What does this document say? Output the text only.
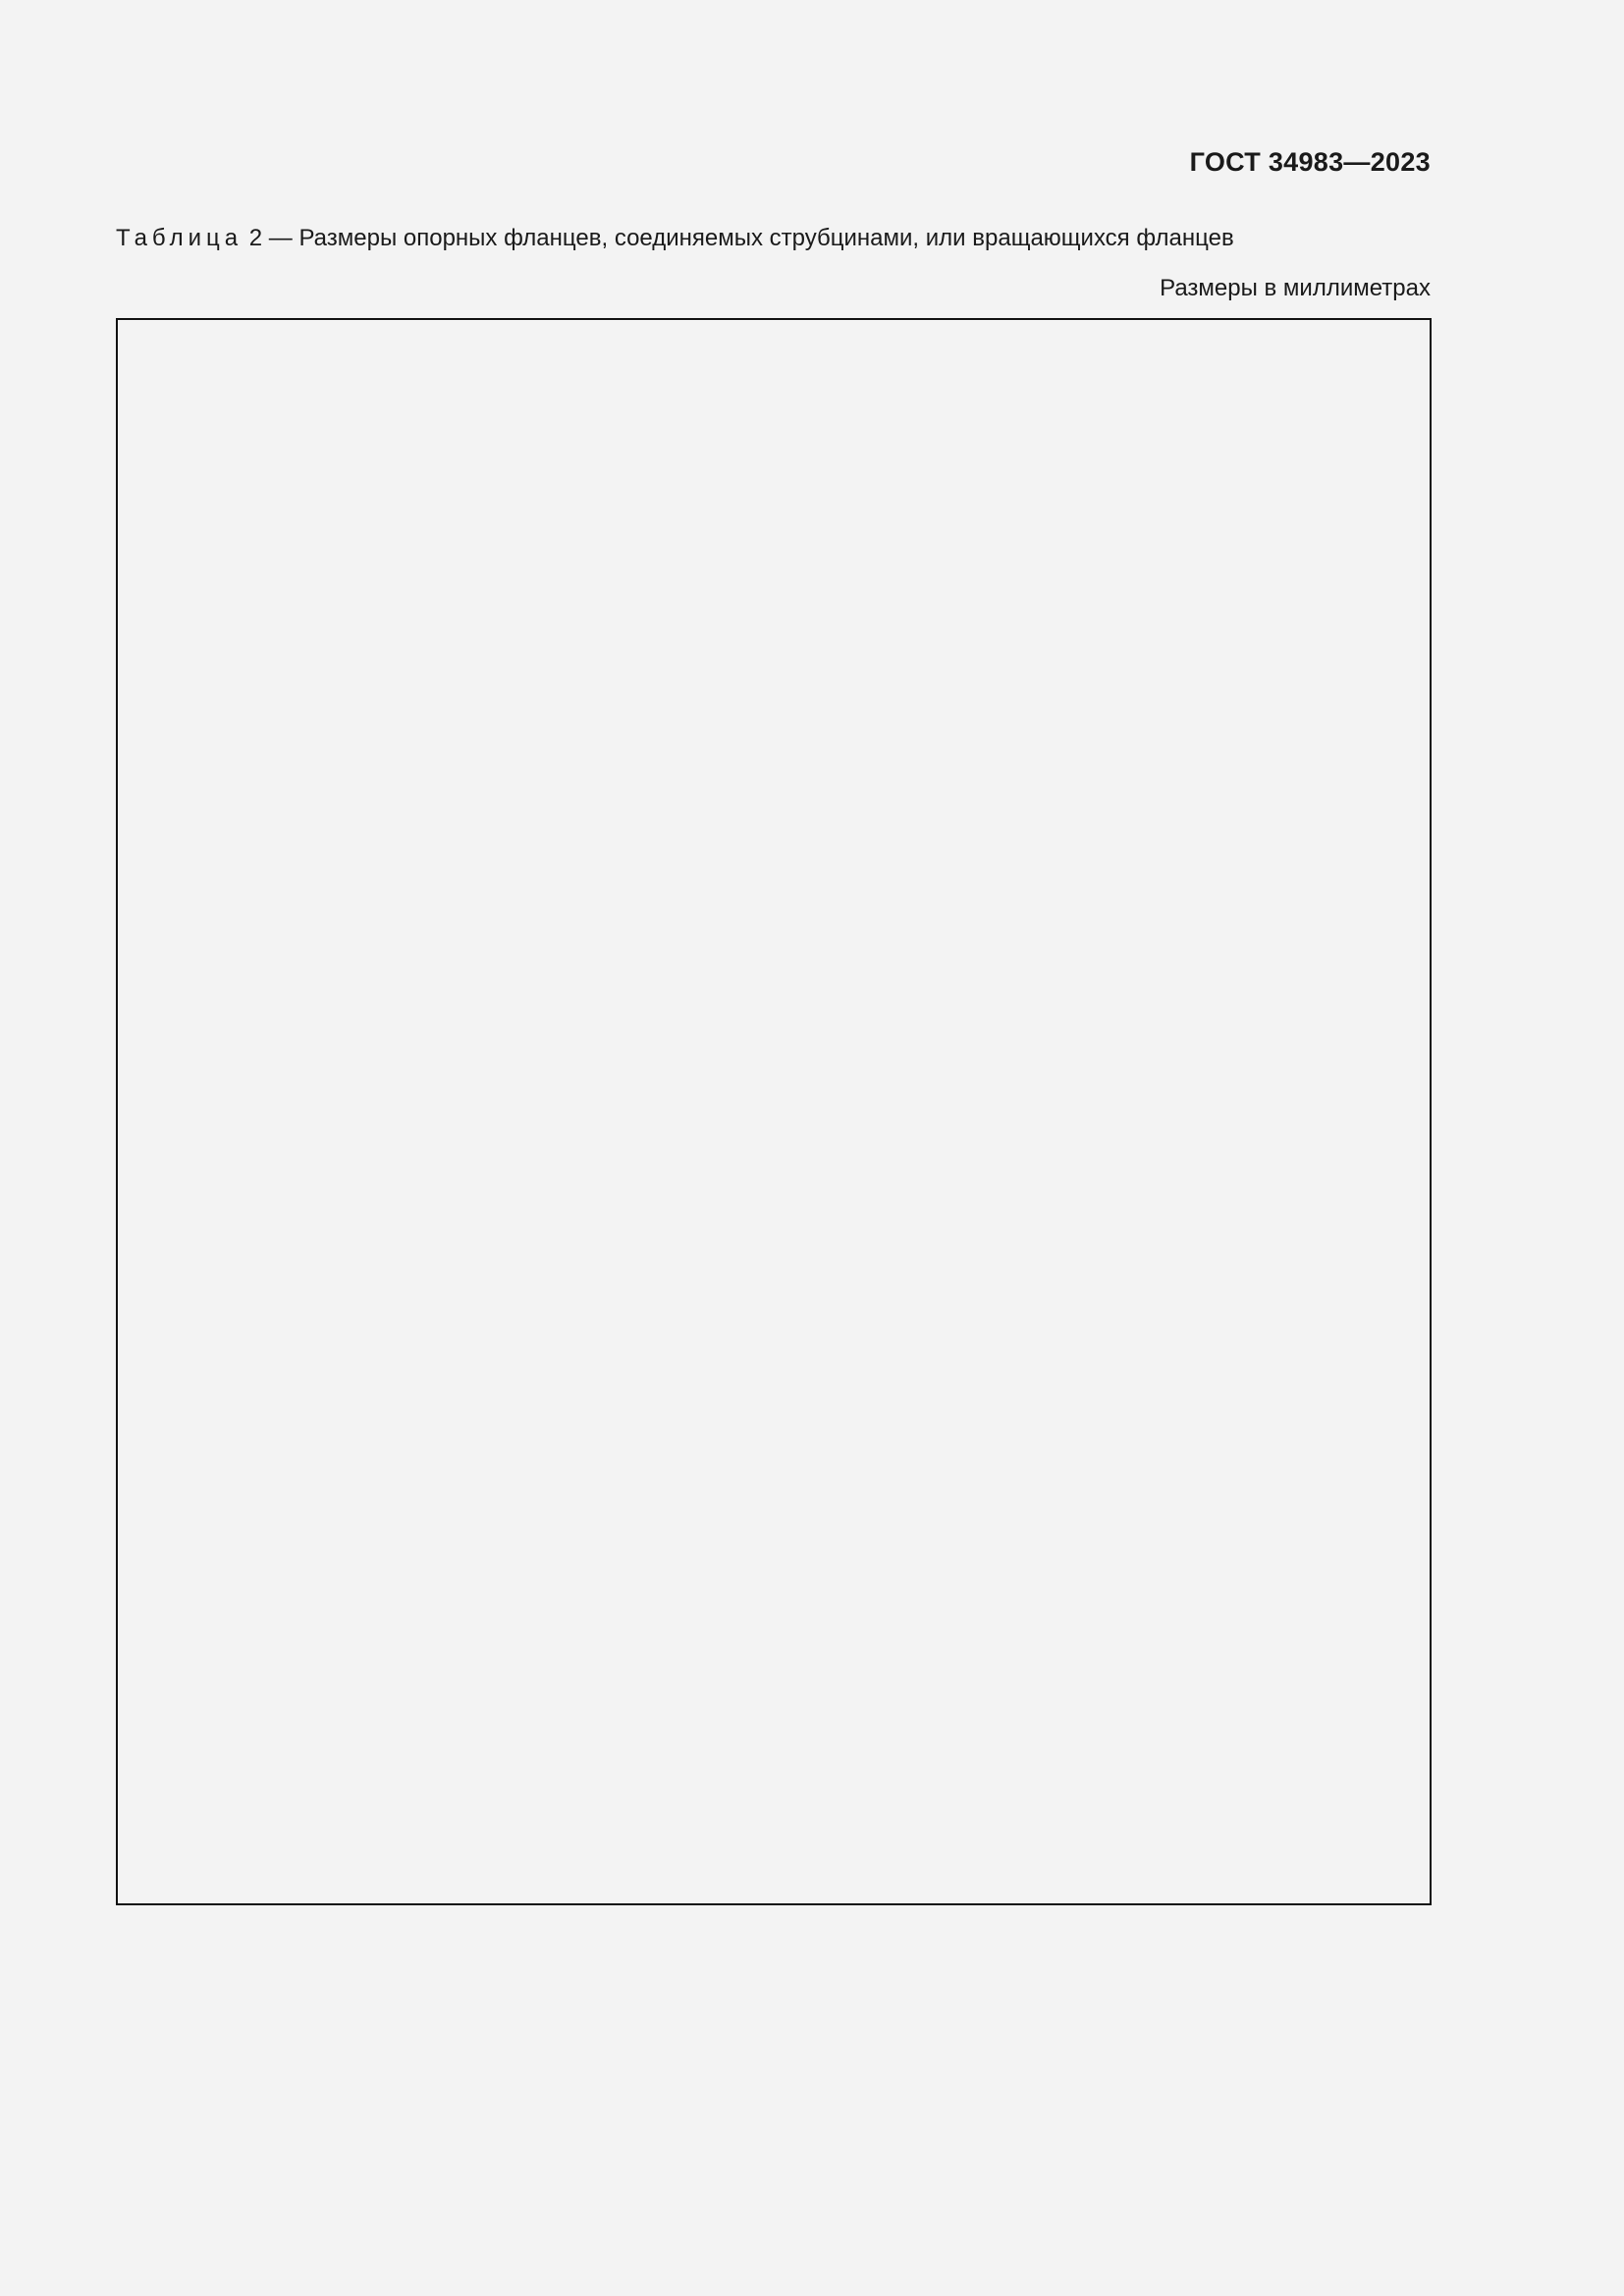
ГОСТ 34983—2023
Таблица 2 — Размеры опорных фланцев, соединяемых струбцинами, или вращающихся фланцев
Размеры в миллиметрах
